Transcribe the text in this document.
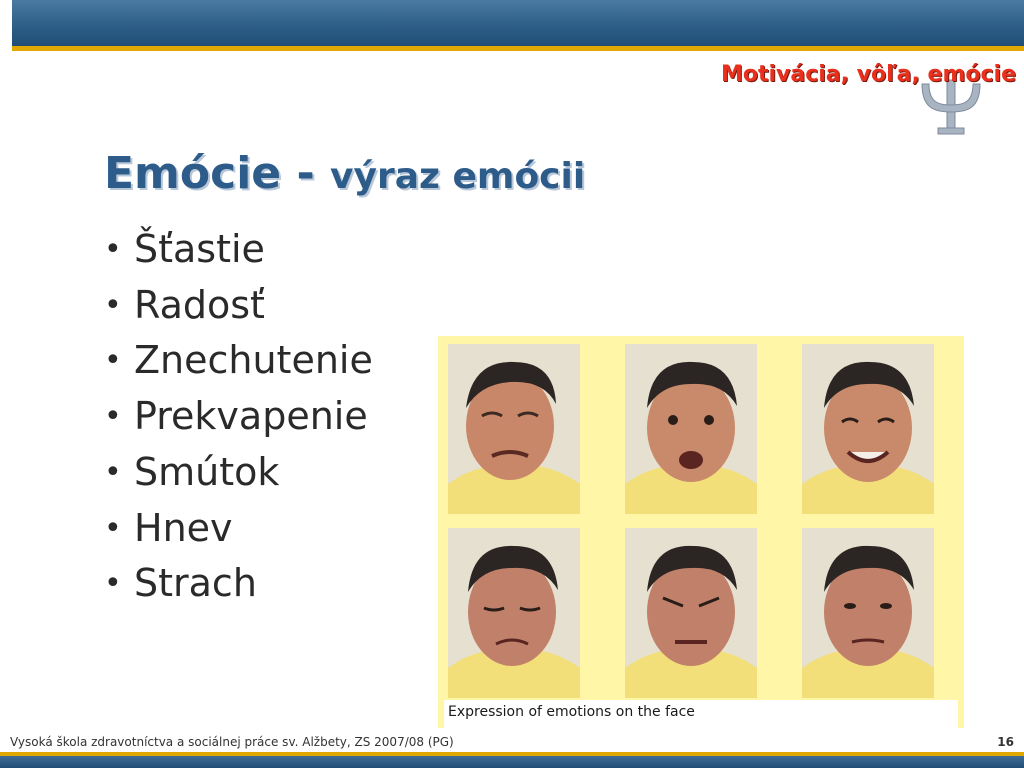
Motivácia, vôľa, emócie
Emócie - výraz emócii
• Šťastie
• Radosť
• Znechutenie
• Prekvapenie
• Smútok
• Hnev
• Strach
Expression of emotions on the face
Vysoká škola zdravotníctva a sociálnej práce sv. Alžbety, ZS 2007/08 (PG)	16
